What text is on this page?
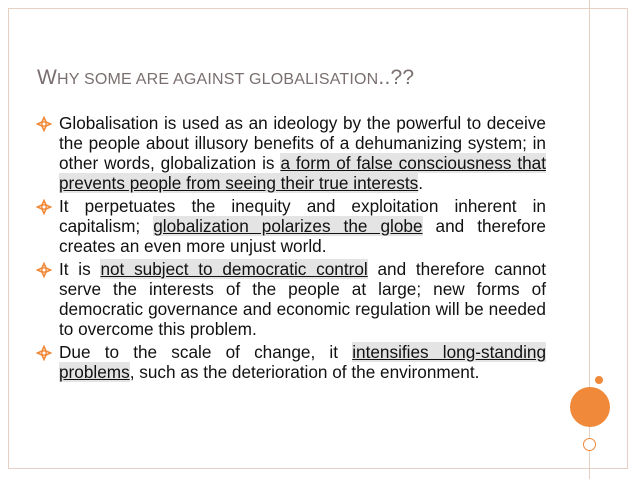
WHY SOME ARE AGAINST GLOBALISATION..??
Globalisation is used as an ideology by the powerful to deceive the people about illusory benefits of a dehumanizing system; in other words, globalization is a form of false consciousness that prevents people from seeing their true interests.
It perpetuates the inequity and exploitation inherent in capitalism; globalization polarizes the globe and therefore creates an even more unjust world.
It is not subject to democratic control and therefore cannot serve the interests of the people at large; new forms of democratic governance and economic regulation will be needed to overcome this problem.
Due to the scale of change, it intensifies long-standing problems, such as the deterioration of the environment.
